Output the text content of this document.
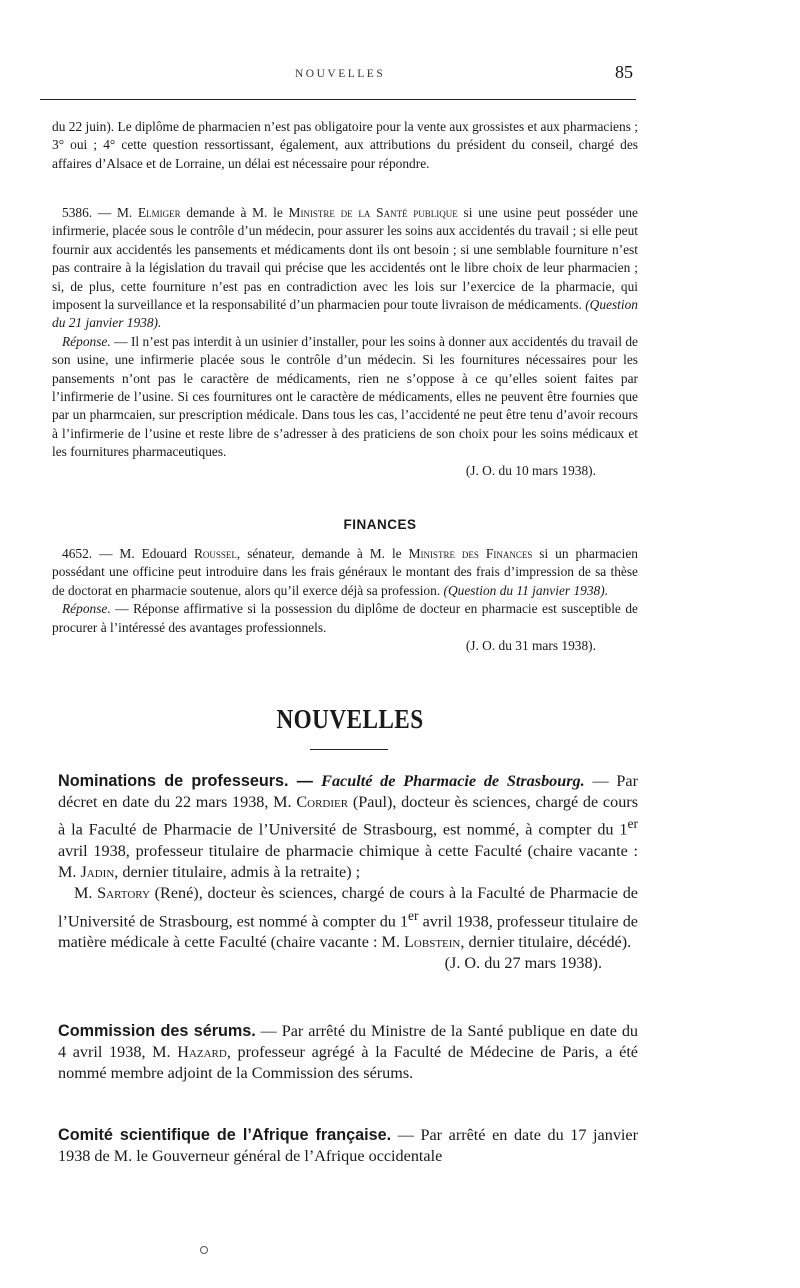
NOUVELLES	85

du 22 juin). Le diplôme de pharmacien n’est pas obligatoire pour la vente aux grossistes et aux pharmaciens ; 3° oui ; 4° cette question ressortissant, également, aux attributions du président du conseil, chargé des affaires d’Alsace et de Lorraine, un délai est nécessaire pour répondre.

5386. — M. Elmiger demande à M. le Ministre de la Santé publique si une usine peut posséder une infirmerie, placée sous le contrôle d’un médecin, pour assurer les soins aux accidentés du travail ; si elle peut fournir aux accidentés les pansements et médicaments dont ils ont besoin ; si une semblable fourniture n’est pas contraire à la législation du travail qui précise que les accidentés ont le libre choix de leur pharmacien ; si, de plus, cette fourniture n’est pas en contradiction avec les lois sur l’exercice de la pharmacie, qui imposent la surveillance et la responsabilité d’un pharmacien pour toute livraison de médicaments. (Question du 21 janvier 1938).

Réponse. — Il n’est pas interdit à un usinier d’installer, pour les soins à donner aux accidentés du travail de son usine, une infirmerie placée sous le contrôle d’un médecin. Si les fournitures nécessaires pour les pansements n’ont pas le caractère de médicaments, rien ne s’oppose à ce qu’elles soient faites par l’infirmerie de l’usine. Si ces fournitures ont le caractère de médicaments, elles ne peuvent être fournies que par un pharmcaien, sur prescription médicale. Dans tous les cas, l’accidenté ne peut être tenu d’avoir recours à l’infirmerie de l’usine et reste libre de s’adresser à des praticiens de son choix pour les soins médicaux et les fournitures pharmaceutiques.

(J. O. du 10 mars 1938).

FINANCES

4652. — M. Edouard Roussel, sénateur, demande à M. le Ministre des Finances si un pharmacien possédant une officine peut introduire dans les frais généraux le montant des frais d’impression de sa thèse de doctorat en pharmacie soutenue, alors qu’il exerce déjà sa profession. (Question du 11 janvier 1938).

Réponse. — Réponse affirmative si la possession du diplôme de docteur en pharmacie est susceptible de procurer à l’intéressé des avantages professionnels.

(J. O. du 31 mars 1938).

NOUVELLES

Nominations de professeurs. — Faculté de Pharmacie de Strasbourg. — Par décret en date du 22 mars 1938, M. Cordier (Paul), docteur ès sciences, chargé de cours à la Faculté de Pharmacie de l’Université de Strasbourg, est nommé, à compter du 1er avril 1938, professeur titulaire de pharmacie chimique à cette Faculté (chaire vacante : M. Jadin, dernier titulaire, admis à la retraite) ;

M. Sartory (René), docteur ès sciences, chargé de cours à la Faculté de Pharmacie de l’Université de Strasbourg, est nommé à compter du 1er avril 1938, professeur titulaire de matière médicale à cette Faculté (chaire vacante : M. Lobstein, dernier titulaire, décédé).

(J. O. du 27 mars 1938).

Commission des sérums. — Par arrêté du Ministre de la Santé publique en date du 4 avril 1938, M. Hazard, professeur agrégé à la Faculté de Médecine de Paris, a été nommé membre adjoint de la Commission des sérums.

Comité scientifique de l’Afrique française. — Par arrêté en date du 17 janvier 1938 de M. le Gouverneur général de l’Afrique occidentale
